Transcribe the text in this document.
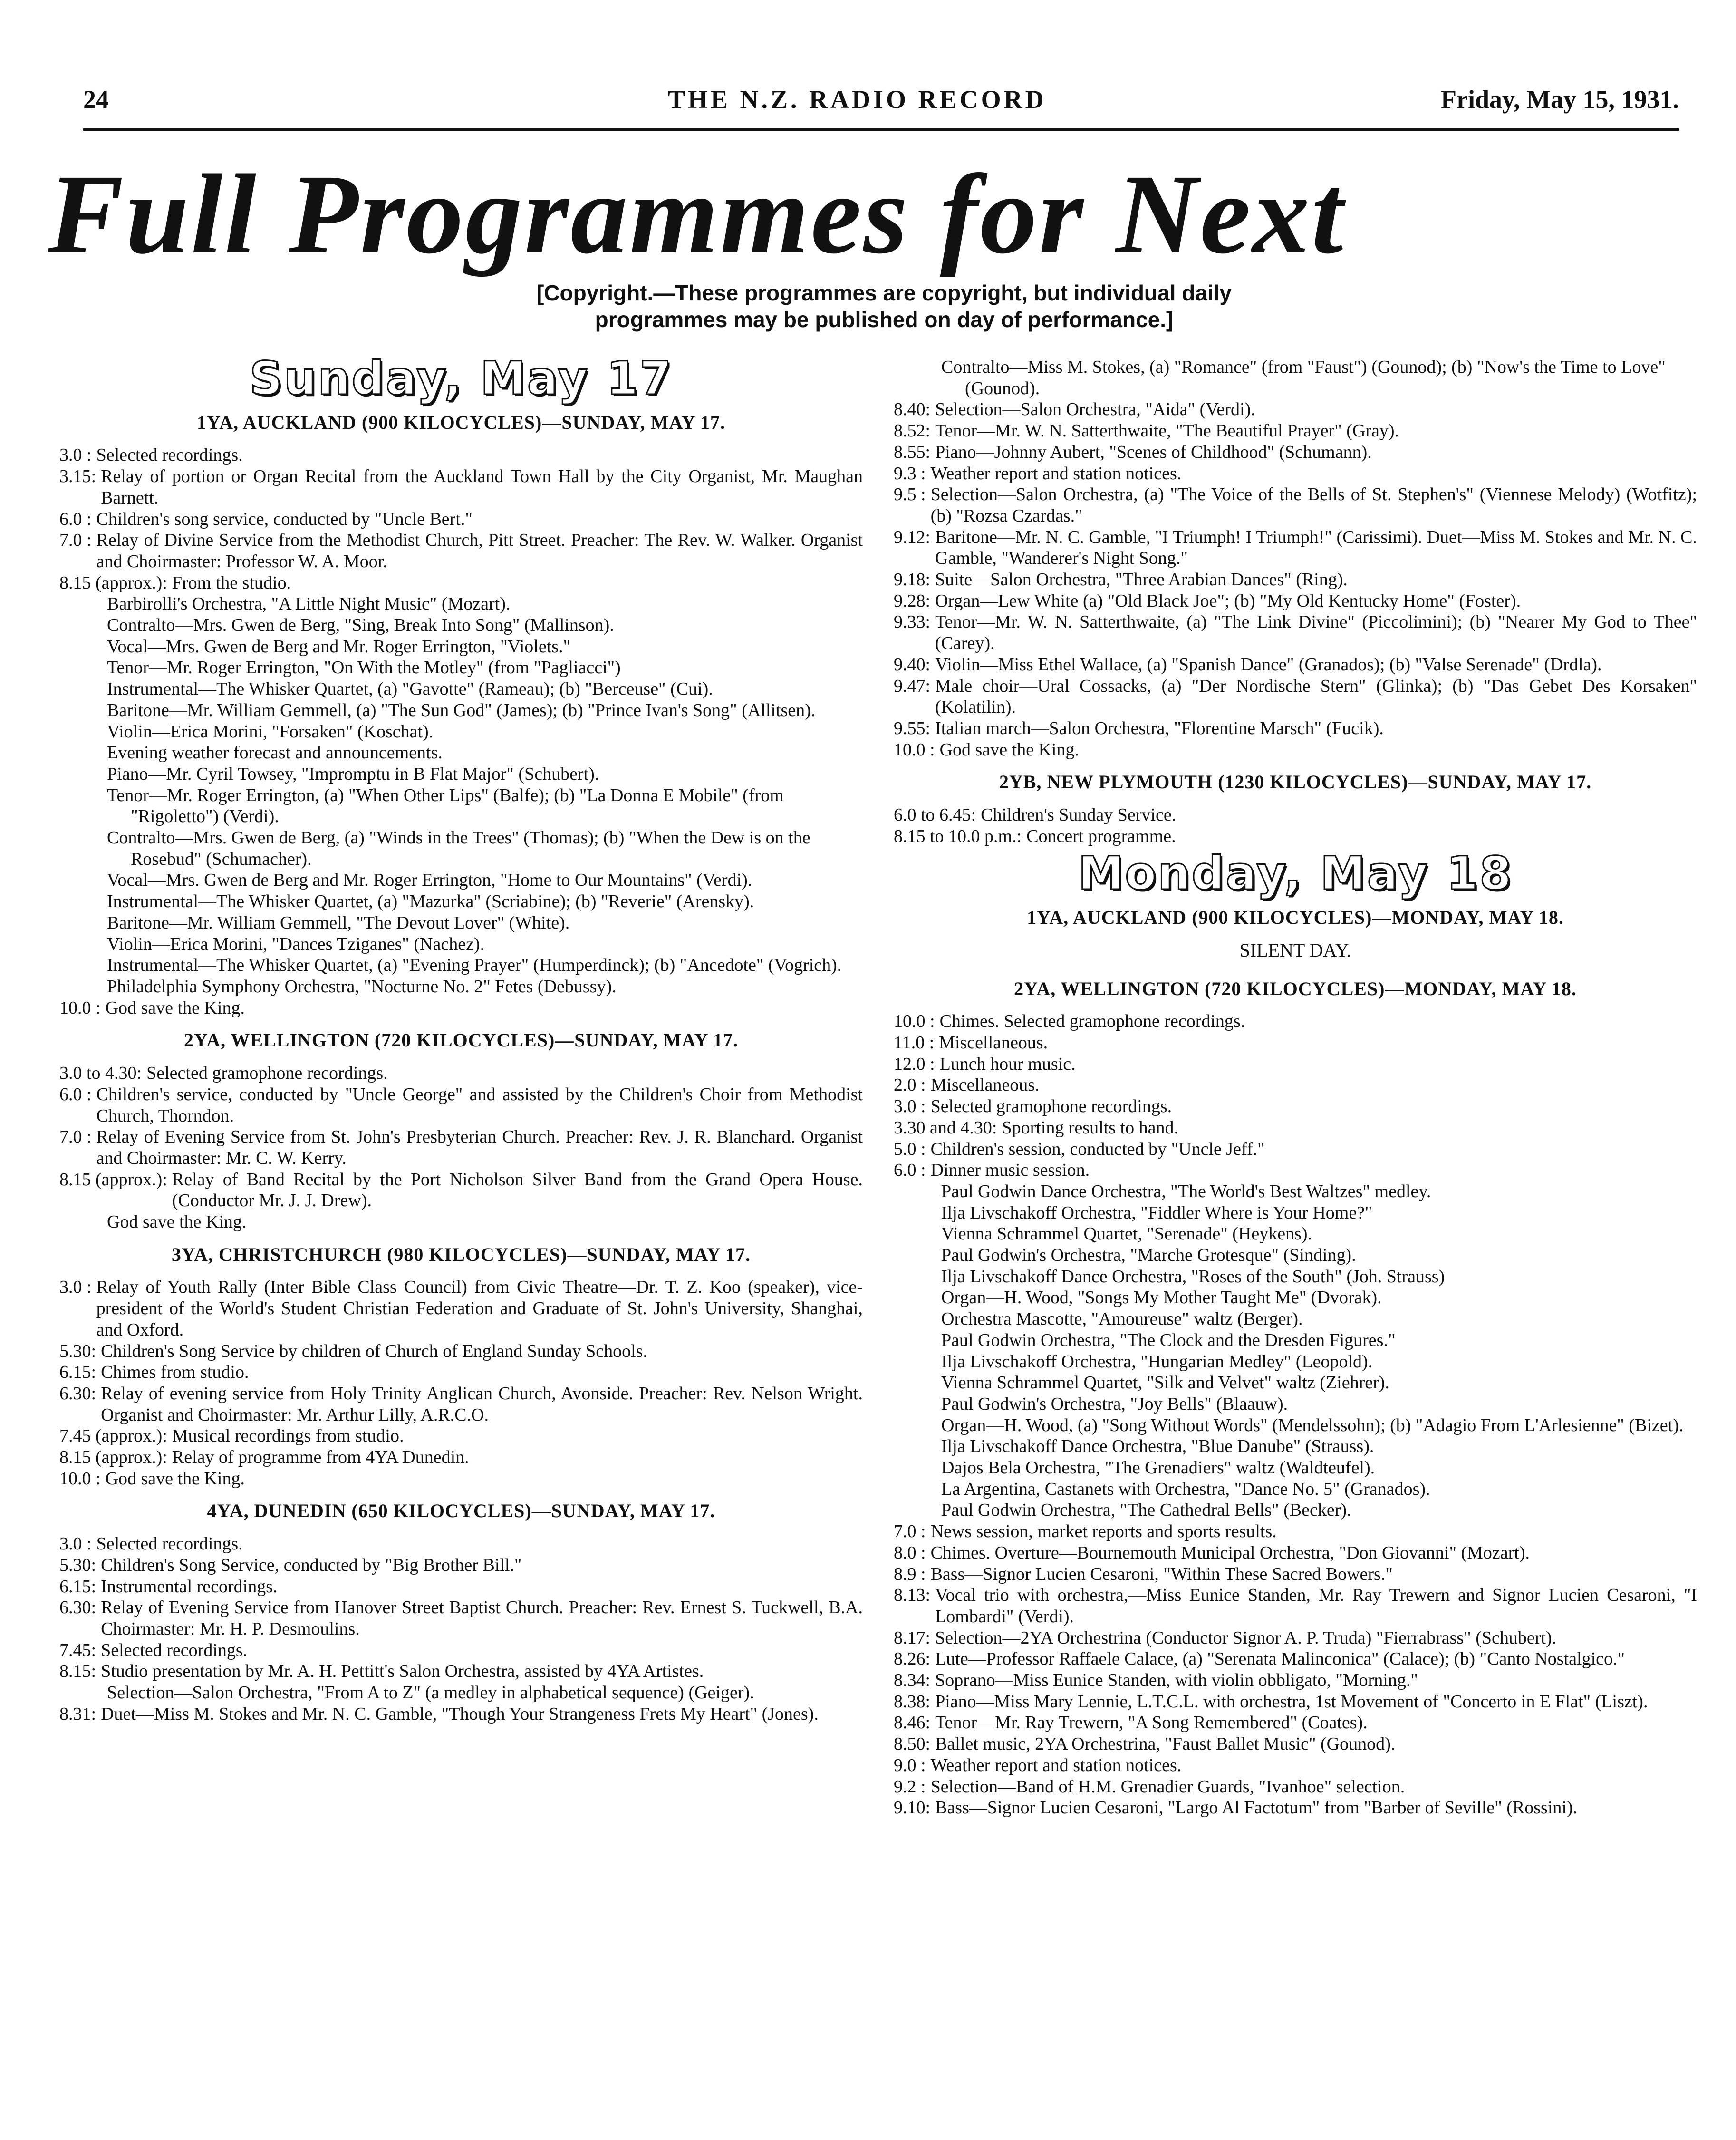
24	THE N.Z. RADIO RECORD	Friday, May 15, 1931.
Full Programmes for Next
[Copyright.—These programmes are copyright, but individual daily programmes may be published on day of performance.]
Sunday, May 17
1YA, AUCKLAND (900 KILOCYCLES)—SUNDAY, MAY 17.
3.0 : Selected recordings.
3.15: Relay of portion or Organ Recital from the Auckland Town Hall by the City Organist, Mr. Maughan Barnett.
6.0 : Children's song service, conducted by "Uncle Bert."
7.0 : Relay of Divine Service from the Methodist Church, Pitt Street. Preacher: The Rev. W. Walker. Organist and Choirmaster: Professor W. A. Moor.
8.15 (approx.): From the studio.
Barbirolli's Orchestra, "A Little Night Music" (Mozart).
Contralto—Mrs. Gwen de Berg, "Sing, Break Into Song" (Mallinson).
Vocal—Mrs. Gwen de Berg and Mr. Roger Errington, "Violets."
Tenor—Mr. Roger Errington, "On With the Motley" (from "Pagliacci")
Instrumental—The Whisker Quartet, (a) "Gavotte" (Rameau); (b) "Berceuse" (Cui).
Baritone—Mr. William Gemmell, (a) "The Sun God" (James); (b) "Prince Ivan's Song" (Allitsen).
Violin—Erica Morini, "Forsaken" (Koschat).
Evening weather forecast and announcements.
Piano—Mr. Cyril Towsey, "Impromptu in B Flat Major" (Schubert).
Tenor—Mr. Roger Errington, (a) "When Other Lips" (Balfe); (b) "La Donna E Mobile" (from "Rigoletto") (Verdi).
Contralto—Mrs. Gwen de Berg, (a) "Winds in the Trees" (Thomas); (b) "When the Dew is on the Rosebud" (Schumacher).
Vocal—Mrs. Gwen de Berg and Mr. Roger Errington, "Home to Our Mountains" (Verdi).
Instrumental—The Whisker Quartet, (a) "Mazurka" (Scriabine); (b) "Reverie" (Arensky).
Baritone—Mr. William Gemmell, "The Devout Lover" (White).
Violin—Erica Morini, "Dances Tziganes" (Nachez).
Instrumental—The Whisker Quartet, (a) "Evening Prayer" (Humperdinck); (b) "Ancedote" (Vogrich).
Philadelphia Symphony Orchestra, "Nocturne No. 2" Fetes (Debussy).
10.0 : God save the King.
2YA, WELLINGTON (720 KILOCYCLES)—SUNDAY, MAY 17.
3.0 to 4.30: Selected gramophone recordings.
6.0 : Children's service, conducted by "Uncle George" and assisted by the Children's Choir from Methodist Church, Thorndon.
7.0 : Relay of Evening Service from St. John's Presbyterian Church. Preacher: Rev. J. R. Blanchard. Organist and Choirmaster: Mr. C. W. Kerry.
8.15 (approx.): Relay of Band Recital by the Port Nicholson Silver Band from the Grand Opera House. (Conductor Mr. J. J. Drew).
God save the King.
3YA, CHRISTCHURCH (980 KILOCYCLES)—SUNDAY, MAY 17.
3.0 : Relay of Youth Rally (Inter Bible Class Council) from Civic Theatre—Dr. T. Z. Koo (speaker), vice-president of the World's Student Christian Federation and Graduate of St. John's University, Shanghai, and Oxford.
5.30: Children's Song Service by children of Church of England Sunday Schools.
6.15: Chimes from studio.
6.30: Relay of evening service from Holy Trinity Anglican Church, Avonside. Preacher: Rev. Nelson Wright. Organist and Choirmaster: Mr. Arthur Lilly, A.R.C.O.
7.45 (approx.): Musical recordings from studio.
8.15 (approx.): Relay of programme from 4YA Dunedin.
10.0 : God save the King.
4YA, DUNEDIN (650 KILOCYCLES)—SUNDAY, MAY 17.
3.0 : Selected recordings.
5.30: Children's Song Service, conducted by "Big Brother Bill."
6.15: Instrumental recordings.
6.30: Relay of Evening Service from Hanover Street Baptist Church. Preacher: Rev. Ernest S. Tuckwell, B.A. Choirmaster: Mr. H. P. Desmoulins.
7.45: Selected recordings.
8.15: Studio presentation by Mr. A. H. Pettitt's Salon Orchestra, assisted by 4YA Artistes.
Selection—Salon Orchestra, "From A to Z" (a medley in alphabetical sequence) (Geiger).
8.31: Duet—Miss M. Stokes and Mr. N. C. Gamble, "Though Your Strangeness Frets My Heart" (Jones).
Contralto—Miss M. Stokes, (a) "Romance" (from "Faust") (Gounod); (b) "Now's the Time to Love" (Gounod).
8.40: Selection—Salon Orchestra, "Aida" (Verdi).
8.52: Tenor—Mr. W. N. Satterthwaite, "The Beautiful Prayer" (Gray).
8.55: Piano—Johnny Aubert, "Scenes of Childhood" (Schumann).
9.3 : Weather report and station notices.
9.5 : Selection—Salon Orchestra, (a) "The Voice of the Bells of St. Stephen's" (Viennese Melody) (Wotfitz); (b) "Rozsa Czardas."
9.12: Baritone—Mr. N. C. Gamble, "I Triumph! I Triumph!" (Carissimi). Duet—Miss M. Stokes and Mr. N. C. Gamble, "Wanderer's Night Song."
9.18: Suite—Salon Orchestra, "Three Arabian Dances" (Ring).
9.28: Organ—Lew White (a) "Old Black Joe"; (b) "My Old Kentucky Home" (Foster).
9.33: Tenor—Mr. W. N. Satterthwaite, (a) "The Link Divine" (Piccolimini); (b) "Nearer My God to Thee" (Carey).
9.40: Violin—Miss Ethel Wallace, (a) "Spanish Dance" (Granados); (b) "Valse Serenade" (Drdla).
9.47: Male choir—Ural Cossacks, (a) "Der Nordische Stern" (Glinka); (b) "Das Gebet Des Korsaken" (Kolatilin).
9.55: Italian march—Salon Orchestra, "Florentine Marsch" (Fucik).
10.0 : God save the King.
2YB, NEW PLYMOUTH (1230 KILOCYCLES)—SUNDAY, MAY 17.
6.0 to 6.45: Children's Sunday Service.
8.15 to 10.0 p.m.: Concert programme.
Monday, May 18
1YA, AUCKLAND (900 KILOCYCLES)—MONDAY, MAY 18.
SILENT DAY.
2YA, WELLINGTON (720 KILOCYCLES)—MONDAY, MAY 18.
10.0 : Chimes. Selected gramophone recordings.
11.0 : Miscellaneous.
12.0 : Lunch hour music.
2.0 : Miscellaneous.
3.0 : Selected gramophone recordings.
3.30 and 4.30: Sporting results to hand.
5.0 : Children's session, conducted by "Uncle Jeff."
6.0 : Dinner music session.
Paul Godwin Dance Orchestra, "The World's Best Waltzes" medley.
Ilja Livschakoff Orchestra, "Fiddler Where is Your Home?"
Vienna Schrammel Quartet, "Serenade" (Heykens).
Paul Godwin's Orchestra, "Marche Grotesque" (Sinding).
Ilja Livschakoff Dance Orchestra, "Roses of the South" (Joh. Strauss)
Organ—H. Wood, "Songs My Mother Taught Me" (Dvorak).
Orchestra Mascotte, "Amoureuse" waltz (Berger).
Paul Godwin Orchestra, "The Clock and the Dresden Figures."
Ilja Livschakoff Orchestra, "Hungarian Medley" (Leopold).
Vienna Schrammel Quartet, "Silk and Velvet" waltz (Ziehrer).
Paul Godwin's Orchestra, "Joy Bells" (Blaauw).
Organ—H. Wood, (a) "Song Without Words" (Mendelssohn); (b) "Adagio From L'Arlesienne" (Bizet).
Ilja Livschakoff Dance Orchestra, "Blue Danube" (Strauss).
Dajos Bela Orchestra, "The Grenadiers" waltz (Waldteufel).
La Argentina, Castanets with Orchestra, "Dance No. 5" (Granados).
Paul Godwin Orchestra, "The Cathedral Bells" (Becker).
7.0 : News session, market reports and sports results.
8.0 : Chimes. Overture—Bournemouth Municipal Orchestra, "Don Giovanni" (Mozart).
8.9 : Bass—Signor Lucien Cesaroni, "Within These Sacred Bowers."
8.13: Vocal trio with orchestra,—Miss Eunice Standen, Mr. Ray Trewern and Signor Lucien Cesaroni, "I Lombardi" (Verdi).
8.17: Selection—2YA Orchestrina (Conductor Signor A. P. Truda) "Fierrabrass" (Schubert).
8.26: Lute—Professor Raffaele Calace, (a) "Serenata Malinconica" (Calace); (b) "Canto Nostalgico."
8.34: Soprano—Miss Eunice Standen, with violin obbligato, "Morning."
8.38: Piano—Miss Mary Lennie, L.T.C.L. with orchestra, 1st Movement of "Concerto in E Flat" (Liszt).
8.46: Tenor—Mr. Ray Trewern, "A Song Remembered" (Coates).
8.50: Ballet music, 2YA Orchestrina, "Faust Ballet Music" (Gounod).
9.0 : Weather report and station notices.
9.2 : Selection—Band of H.M. Grenadier Guards, "Ivanhoe" selection.
9.10: Bass—Signor Lucien Cesaroni, "Largo Al Factotum" from "Barber of Seville" (Rossini).
